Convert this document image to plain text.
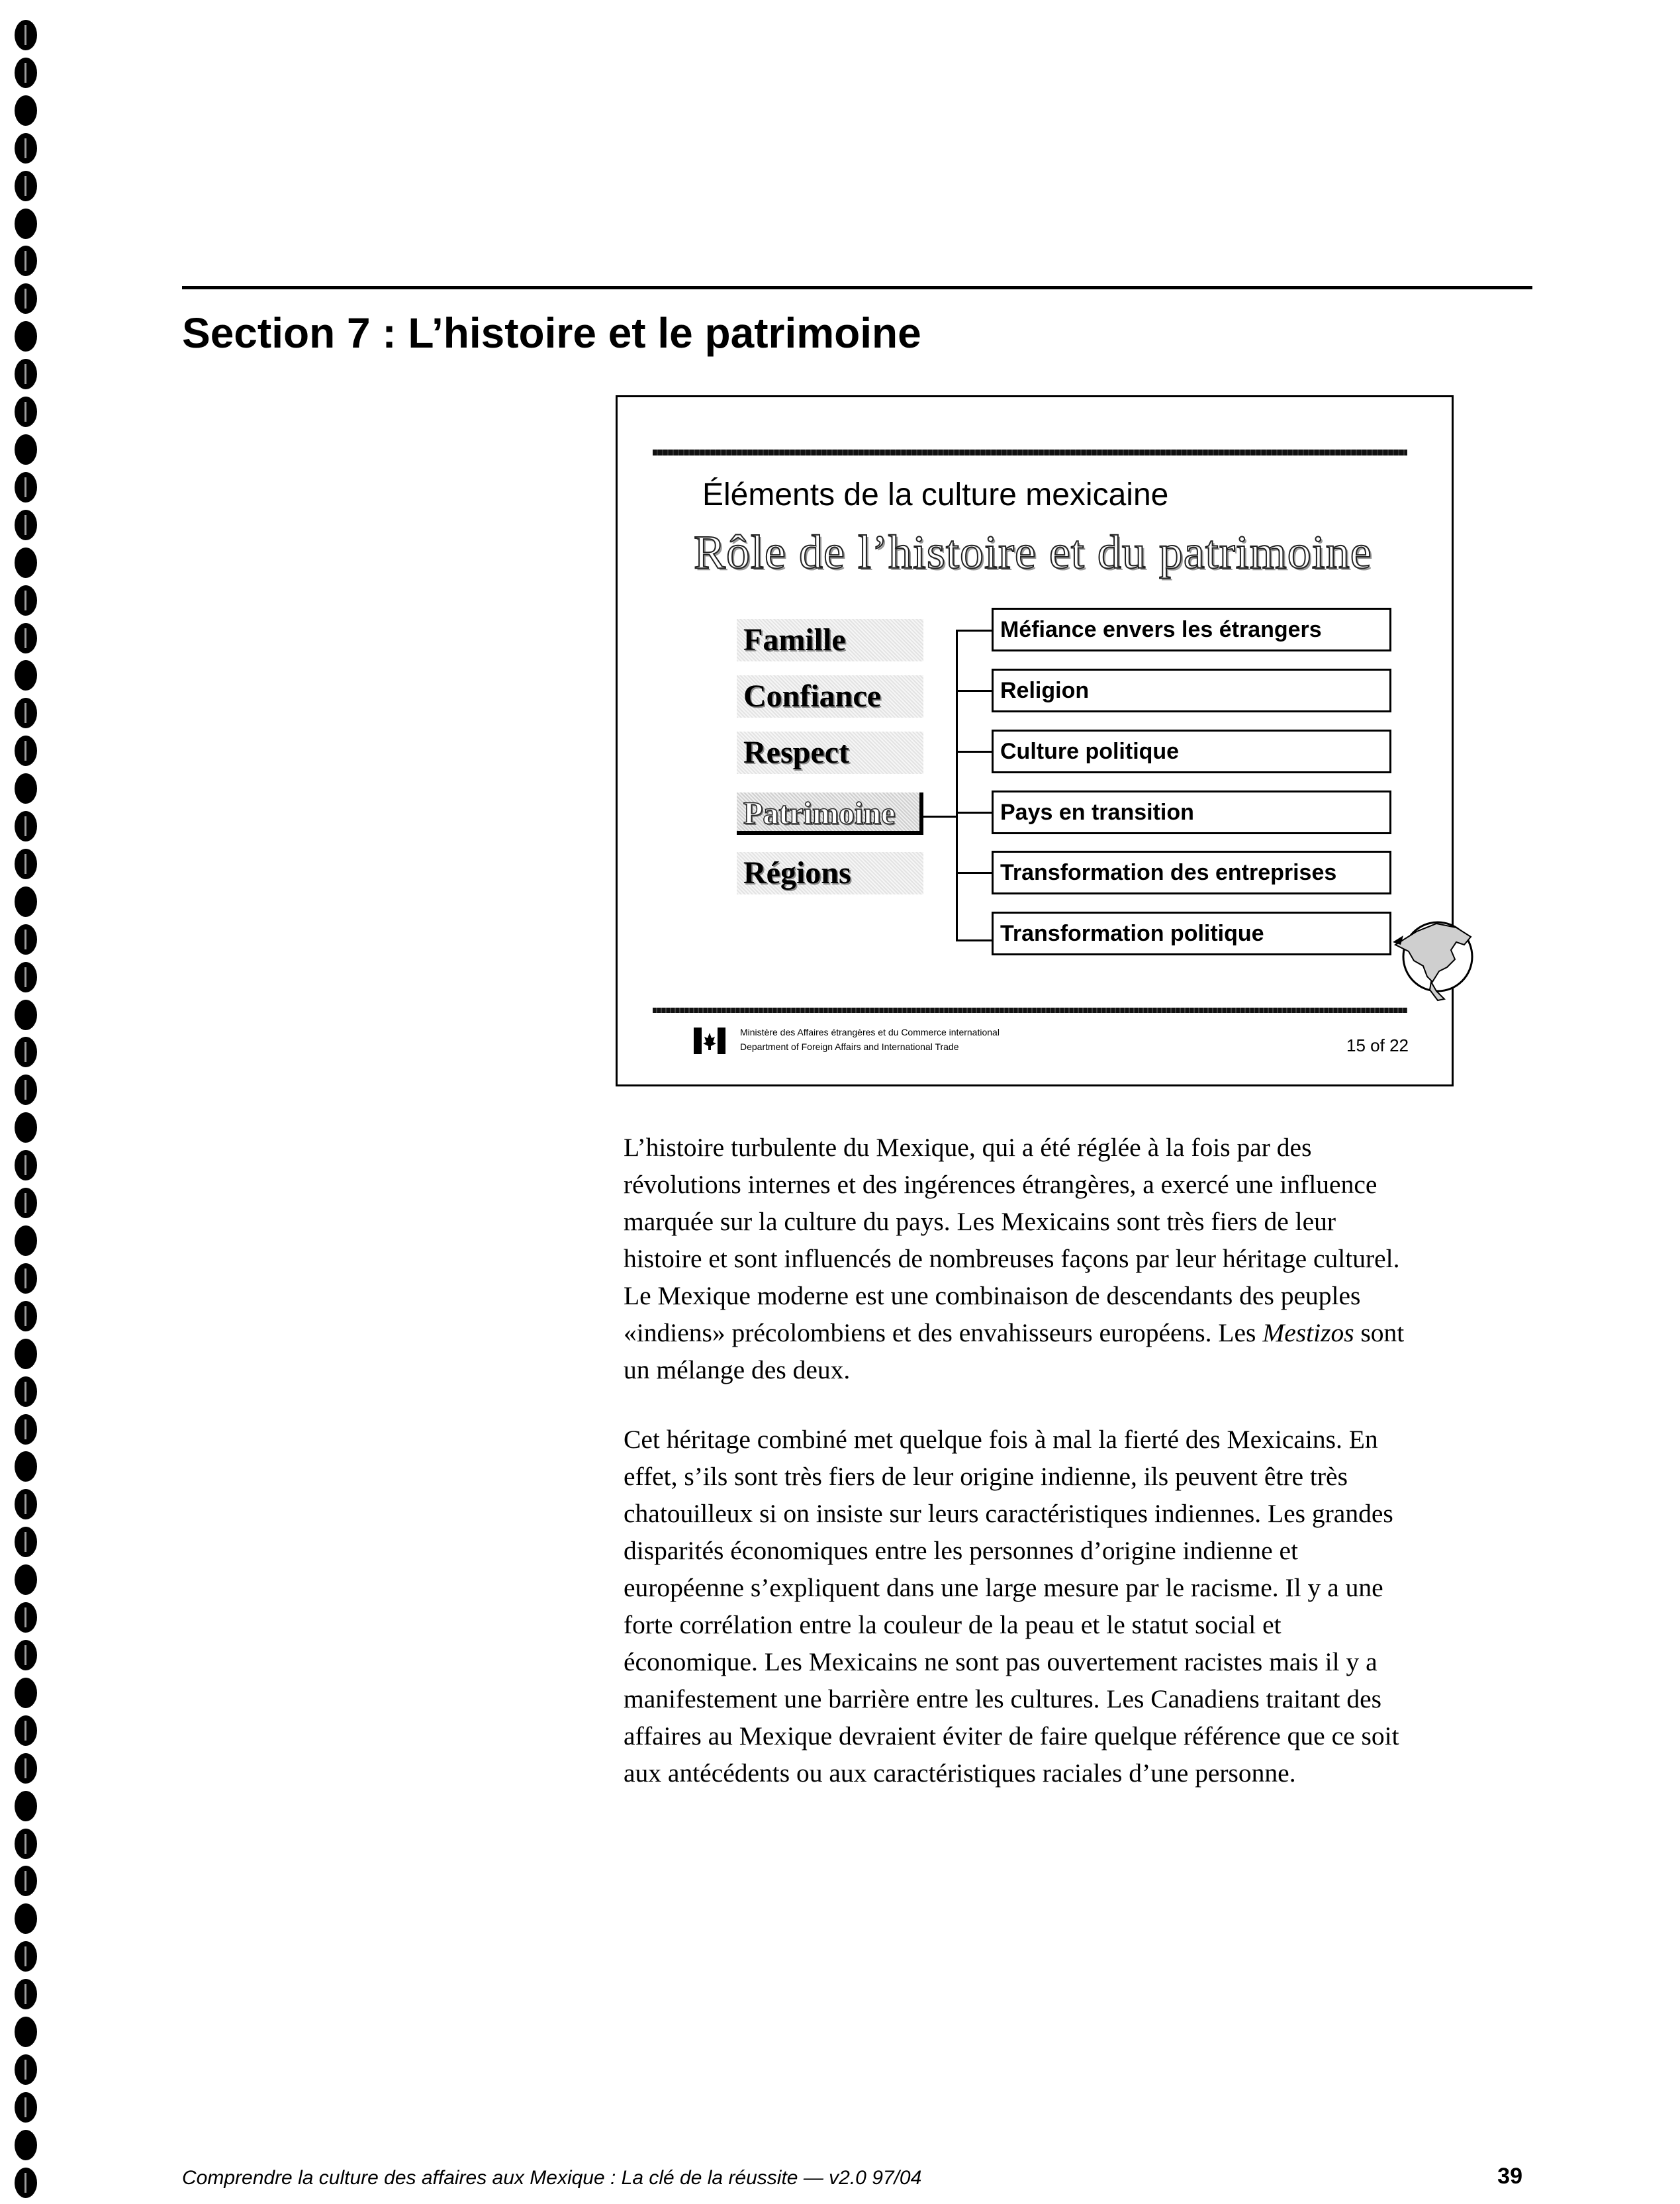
Section 7 : L’histoire et le patrimoine
Éléments de la culture mexicaine
Rôle de l’histoire et du patrimoine
Famille
Confiance
Respect
Patrimoine
Régions
Méfiance envers les étrangers
Religion
Culture politique
Pays en transition
Transformation des entreprises
Transformation politique
Ministère des Affaires étrangères et du Commerce international
Department of Foreign Affairs and International Trade	15 of 22

L’histoire turbulente du Mexique, qui a été réglée à la fois par des
révolutions internes et des ingérences étrangères, a exercé une influence
marquée sur la culture du pays. Les Mexicains sont très fiers de leur
histoire et sont influencés de nombreuses façons par leur héritage culturel.
Le Mexique moderne est une combinaison de descendants des peuples
«indiens» précolombiens et des envahisseurs européens. Les Mestizos sont
un mélange des deux.

Cet héritage combiné met quelque fois à mal la fierté des Mexicains. En
effet, s’ils sont très fiers de leur origine indienne, ils peuvent être très
chatouilleux si on insiste sur leurs caractéristiques indiennes. Les grandes
disparités économiques entre les personnes d’origine indienne et
européenne s’expliquent dans une large mesure par le racisme. Il y a une
forte corrélation entre la couleur de la peau et le statut social et
économique. Les Mexicains ne sont pas ouvertement racistes mais il y a
manifestement une barrière entre les cultures. Les Canadiens traitant des
affaires au Mexique devraient éviter de faire quelque référence que ce soit
aux antécédents ou aux caractéristiques raciales d’une personne.

Comprendre la culture des affaires aux Mexique : La clé de la réussite — v2.0 97/04	39
